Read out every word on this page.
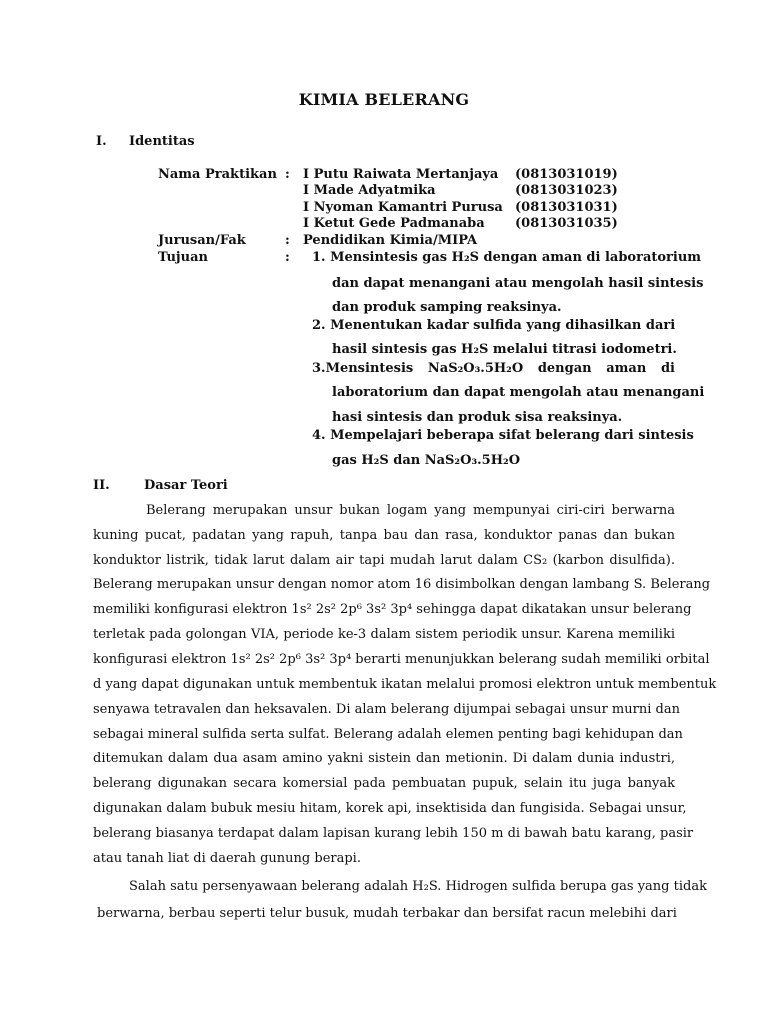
KIMIA BELERANG
I. Identitas
Nama Praktikan : I Putu Raiwata Mertanjaya (0813031019)
I Made Adyatmika	(0813031023)
I Nyoman Kamantri Purusa (0813031031)
I Ketut Gede Padmanaba (0813031035)
Jurusan/Fak	: Pendidikan Kimia/MIPA
Tujuan	: 1. Mensintesis gas H₂S dengan aman di laboratorium
dan dapat menangani atau mengolah hasil sintesis
dan produk samping reaksinya.
2. Menentukan kadar sulfida yang dihasilkan dari
hasil sintesis gas H₂S melalui titrasi iodometri.
3.Mensintesis NaS₂O₃.5H₂O dengan aman di
laboratorium dan dapat mengolah atau menangani
hasi sintesis dan produk sisa reaksinya.
4. Mempelajari beberapa sifat belerang dari sintesis
gas H₂S dan NaS₂O₃.5H₂O
II.	Dasar Teori
Belerang merupakan unsur bukan logam yang mempunyai ciri-ciri berwarna
kuning pucat, padatan yang rapuh, tanpa bau dan rasa, konduktor panas dan bukan
konduktor listrik, tidak larut dalam air tapi mudah larut dalam CS₂ (karbon disulfida).
Belerang merupakan unsur dengan nomor atom 16 disimbolkan dengan lambang S. Belerang
memiliki konfigurasi elektron 1s² 2s² 2p⁶ 3s² 3p⁴ sehingga dapat dikatakan unsur belerang
terletak pada golongan VIA, periode ke-3 dalam sistem periodik unsur. Karena memiliki
konfigurasi elektron 1s² 2s² 2p⁶ 3s² 3p⁴ berarti menunjukkan belerang sudah memiliki orbital
d yang dapat digunakan untuk membentuk ikatan melalui promosi elektron untuk membentuk
senyawa tetravalen dan heksavalen. Di alam belerang dijumpai sebagai unsur murni dan
sebagai mineral sulfida serta sulfat. Belerang adalah elemen penting bagi kehidupan dan
ditemukan dalam dua asam amino yakni sistein dan metionin. Di dalam dunia industri,
belerang digunakan secara komersial pada pembuatan pupuk, selain itu juga banyak
digunakan dalam bubuk mesiu hitam, korek api, insektisida dan fungisida. Sebagai unsur,
belerang biasanya terdapat dalam lapisan kurang lebih 150 m di bawah batu karang, pasir
atau tanah liat di daerah gunung berapi.
Salah satu persenyawaan belerang adalah H₂S. Hidrogen sulfida berupa gas yang tidak
berwarna, berbau seperti telur busuk, mudah terbakar dan bersifat racun melebihi dari
